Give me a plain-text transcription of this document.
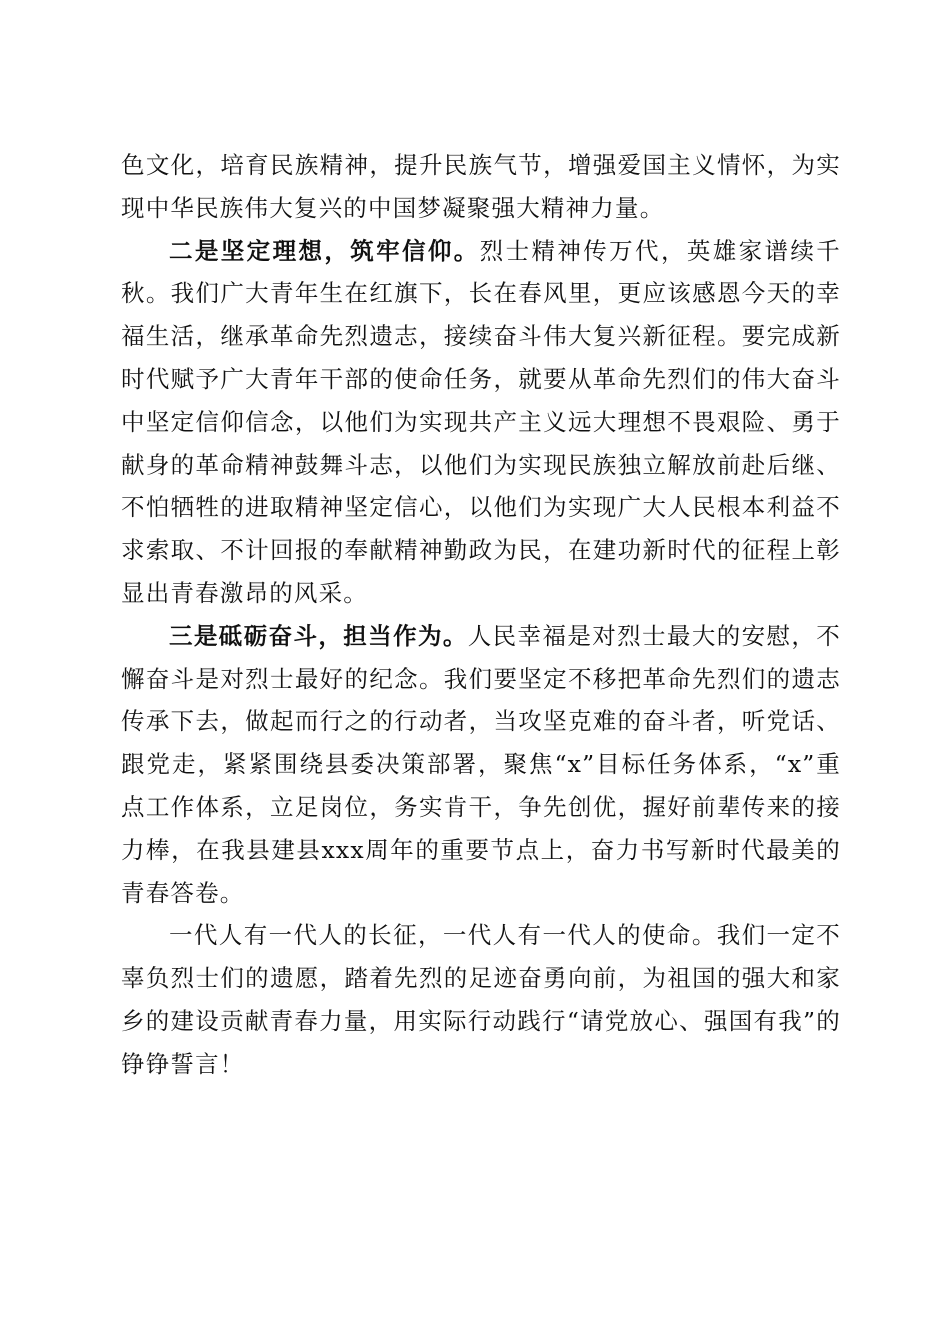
色文化，培育民族精神，提升民族气节，增强爱国主义情怀，为实现中华民族伟大复兴的中国梦凝聚强大精神力量。

二是坚定理想，筑牢信仰。烈士精神传万代，英雄家谱续千秋。我们广大青年生在红旗下，长在春风里，更应该感恩今天的幸福生活，继承革命先烈遗志，接续奋斗伟大复兴新征程。要完成新时代赋予广大青年干部的使命任务，就要从革命先烈们的伟大奋斗中坚定信仰信念，以他们为实现共产主义远大理想不畏艰险、勇于献身的革命精神鼓舞斗志，以他们为实现民族独立解放前赴后继、不怕牺牲的进取精神坚定信心，以他们为实现广大人民根本利益不求索取、不计回报的奉献精神勤政为民，在建功新时代的征程上彰显出青春激昂的风采。

三是砥砺奋斗，担当作为。人民幸福是对烈士最大的安慰，不懈奋斗是对烈士最好的纪念。我们要坚定不移把革命先烈们的遗志传承下去，做起而行之的行动者，当攻坚克难的奋斗者，听党话、跟党走，紧紧围绕县委决策部署，聚焦“x”目标任务体系，“x”重点工作体系，立足岗位，务实肯干，争先创优，握好前辈传来的接力棒，在我县建县xxx周年的重要节点上，奋力书写新时代最美的青春答卷。

一代人有一代人的长征，一代人有一代人的使命。我们一定不辜负烈士们的遗愿，踏着先烈的足迹奋勇向前，为祖国的强大和家乡的建设贡献青春力量，用实际行动践行“请党放心、强国有我”的铮铮誓言！
